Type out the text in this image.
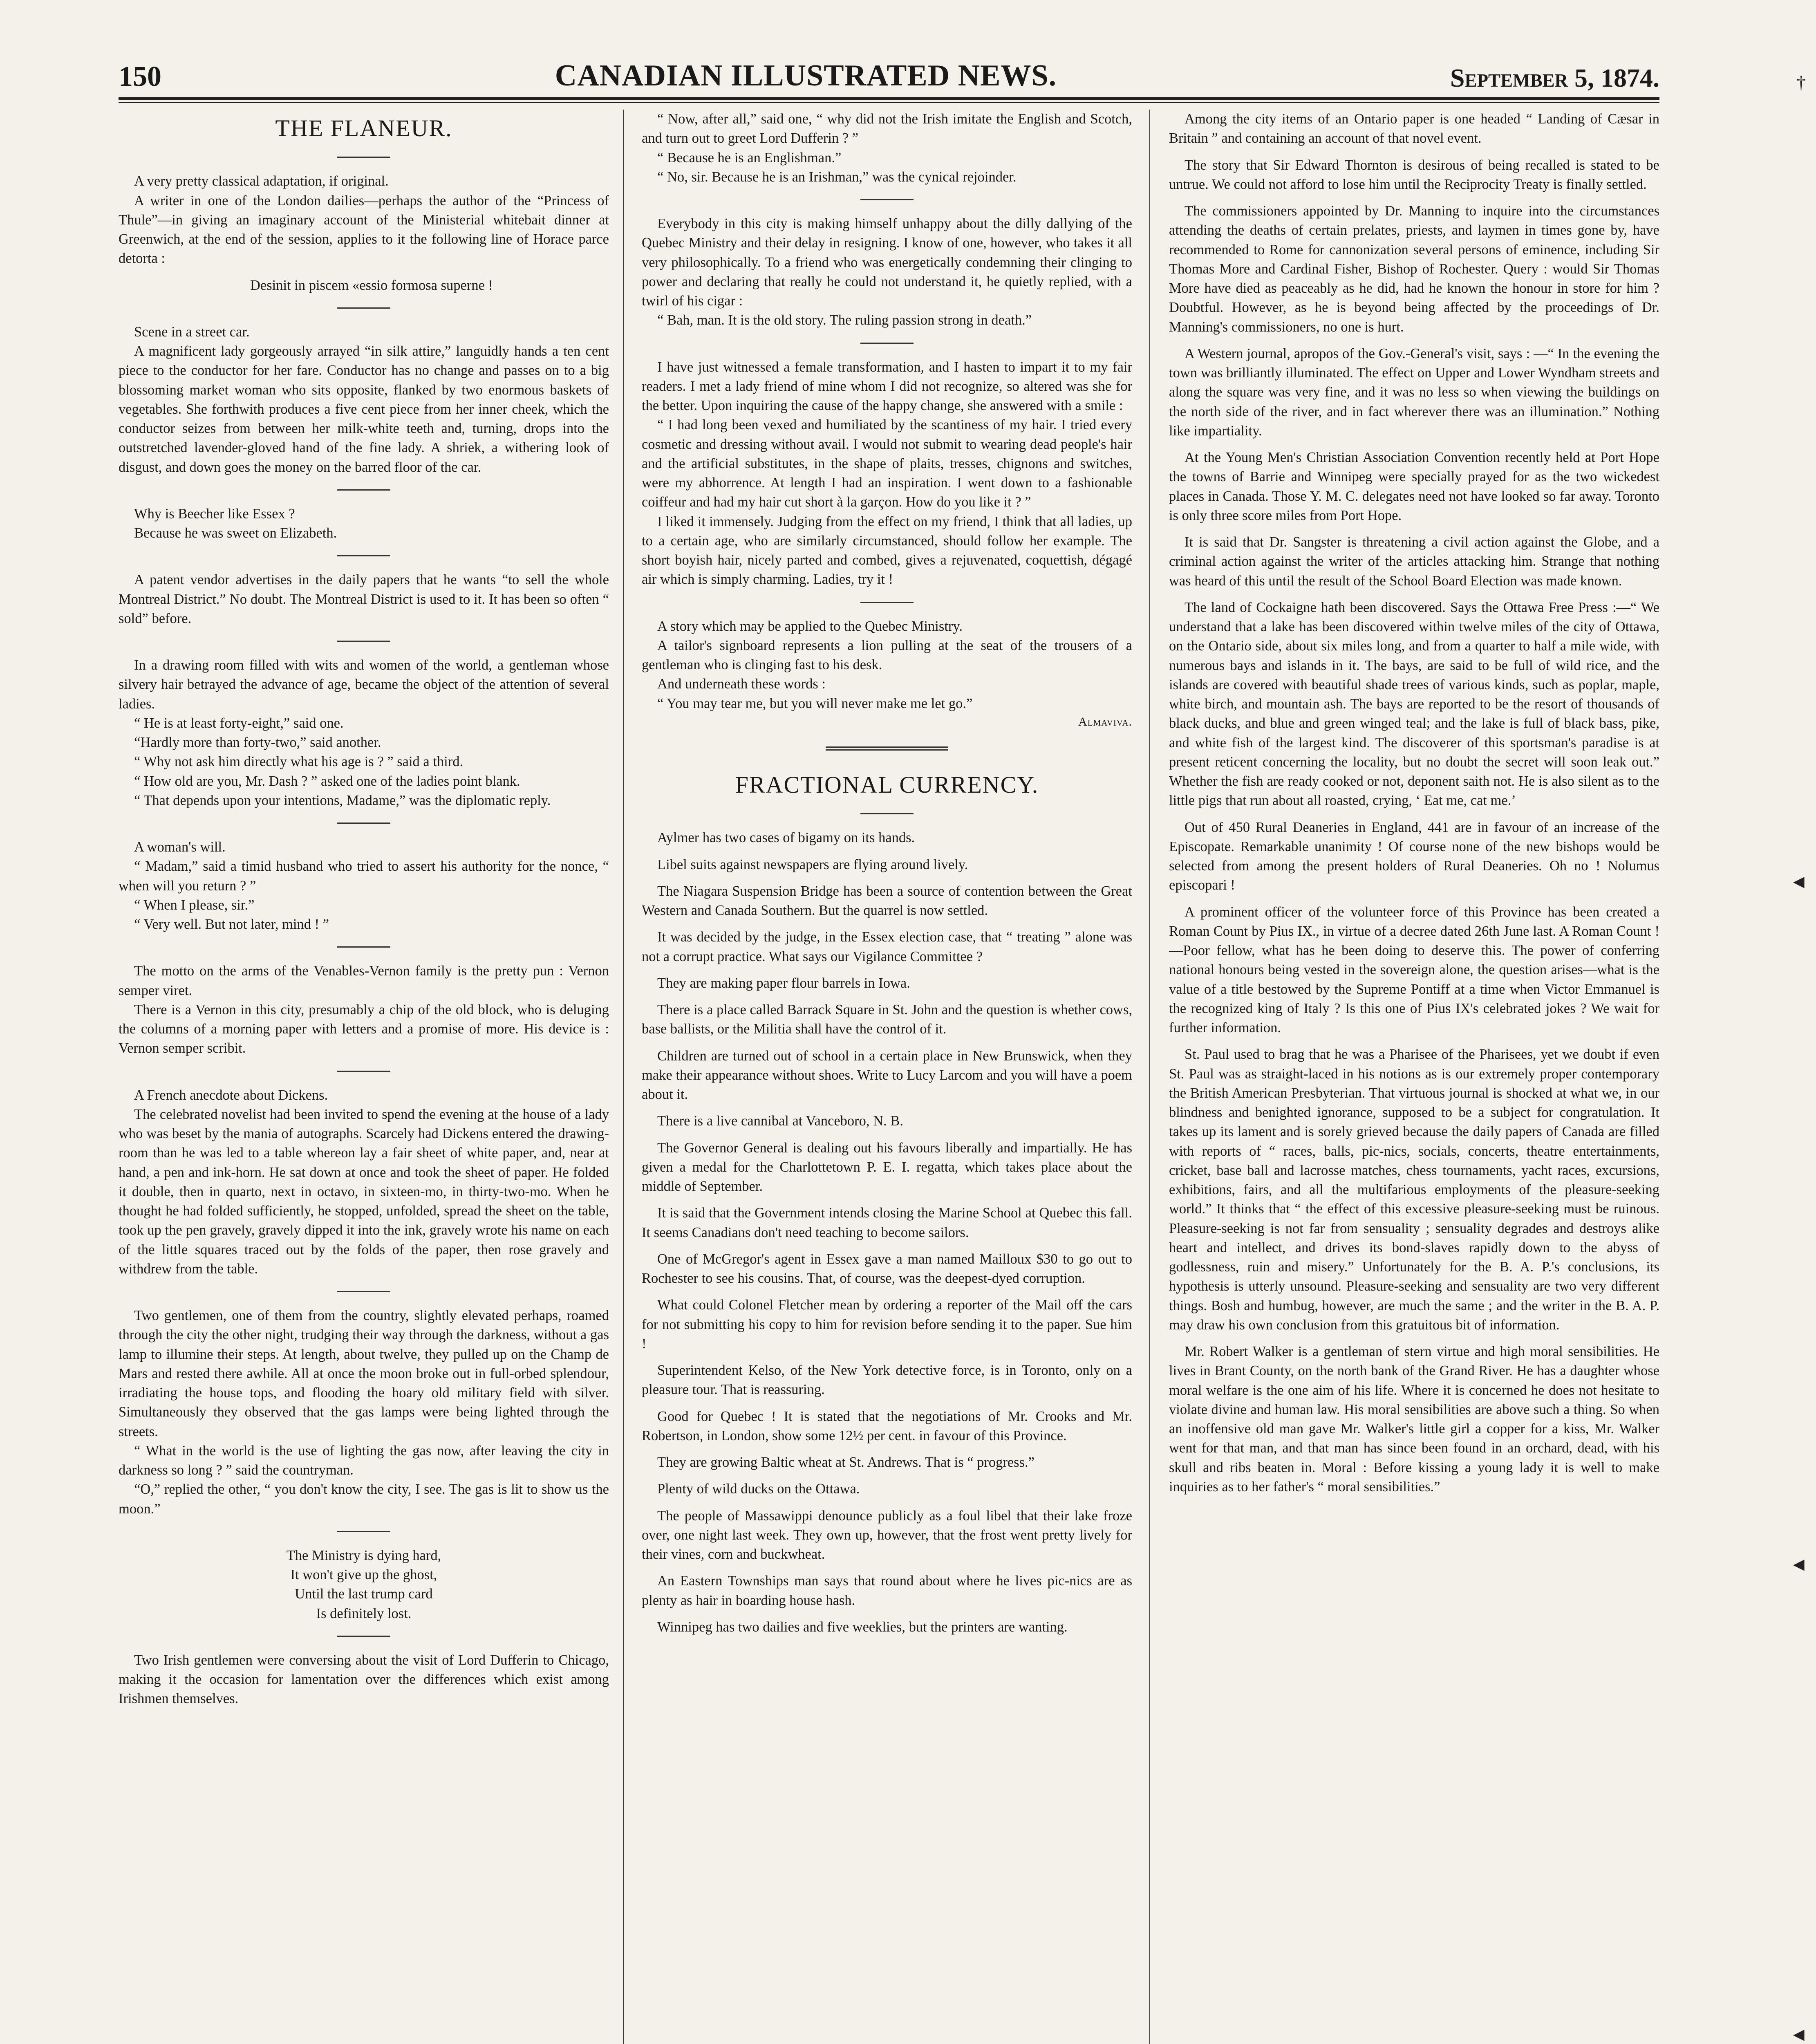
150	CANADIAN ILLUSTRATED NEWS.	September 5, 1874.
THE FLANEUR.

A very pretty classical adaptation, if original.

A writer in one of the London dailies—perhaps the author of the “Princess of Thule”—in giving an imaginary account of the Ministerial whitebait dinner at Greenwich, at the end of the session, applies to it the following line of Horace parce detorta :

Desinit in piscem «essio formosa superne !

Scene in a street car.

A magnificent lady gorgeously arrayed “in silk attire,” languidly hands a ten cent piece to the conductor for her fare. Conductor has no change and passes on to a big blossoming market woman who sits opposite, flanked by two enormous baskets of vegetables. She forthwith produces a five cent piece from her inner cheek, which the conductor seizes from between her milk-white teeth and, turning, drops into the outstretched lavender-gloved hand of the fine lady. A shriek, a withering look of disgust, and down goes the money on the barred floor of the car.

Why is Beecher like Essex ?

Because he was sweet on Elizabeth.

A patent vendor advertises in the daily papers that he wants “to sell the whole Montreal District.” No doubt. The Montreal District is used to it. It has been so often “ sold” before.

In a drawing room filled with wits and women of the world, a gentleman whose silvery hair betrayed the advance of age, became the object of the attention of several ladies.

“ He is at least forty-eight,” said one.

“Hardly more than forty-two,” said another.

“ Why not ask him directly what his age is ? ” said a third.

“ How old are you, Mr. Dash ? ” asked one of the ladies point blank.

“ That depends upon your intentions, Madame,” was the diplomatic reply.

A woman's will.

“ Madam,” said a timid husband who tried to assert his authority for the nonce, “ when will you return ? ”

“ When I please, sir.”

“ Very well. But not later, mind ! ”

The motto on the arms of the Venables-Vernon family is the pretty pun : Vernon semper viret.

There is a Vernon in this city, presumably a chip of the old block, who is deluging the columns of a morning paper with letters and a promise of more. His device is : Vernon semper scribit.

A French anecdote about Dickens.

The celebrated novelist had been invited to spend the evening at the house of a lady who was beset by the mania of autographs. Scarcely had Dickens entered the drawing-room than he was led to a table whereon lay a fair sheet of white paper, and, near at hand, a pen and ink-horn. He sat down at once and took the sheet of paper. He folded it double, then in quarto, next in octavo, in sixteen-mo, in thirty-two-mo. When he thought he had folded sufficiently, he stopped, unfolded, spread the sheet on the table, took up the pen gravely, gravely dipped it into the ink, gravely wrote his name on each of the little squares traced out by the folds of the paper, then rose gravely and withdrew from the table.

Two gentlemen, one of them from the country, slightly elevated perhaps, roamed through the city the other night, trudging their way through the darkness, without a gas lamp to illumine their steps. At length, about twelve, they pulled up on the Champ de Mars and rested there awhile. All at once the moon broke out in full-orbed splendour, irradiating the house tops, and flooding the hoary old military field with silver. Simultaneously they observed that the gas lamps were being lighted through the streets.

“ What in the world is the use of lighting the gas now, after leaving the city in darkness so long ? ” said the countryman.

“O,” replied the other, “ you don't know the city, I see. The gas is lit to show us the moon.”

The Ministry is dying hard,
It won't give up the ghost,
Until the last trump card
Is definitely lost.

Two Irish gentlemen were conversing about the visit of Lord Dufferin to Chicago, making it the occasion for lamentation over the differences which exist among Irishmen themselves.

“ Now, after all,” said one, “ why did not the Irish imitate the English and Scotch, and turn out to greet Lord Dufferin ? ”

“ Because he is an Englishman.”

“ No, sir. Because he is an Irishman,” was the cynical rejoinder.

Everybody in this city is making himself unhappy about the dilly dallying of the Quebec Ministry and their delay in resigning. I know of one, however, who takes it all very philosophically. To a friend who was energetically condemning their clinging to power and declaring that really he could not understand it, he quietly replied, with a twirl of his cigar :

“ Bah, man. It is the old story. The ruling passion strong in death.”

I have just witnessed a female transformation, and I hasten to impart it to my fair readers. I met a lady friend of mine whom I did not recognize, so altered was she for the better. Upon inquiring the cause of the happy change, she answered with a smile :

“ I had long been vexed and humiliated by the scantiness of my hair. I tried every cosmetic and dressing without avail. I would not submit to wearing dead people's hair and the artificial substitutes, in the shape of plaits, tresses, chignons and switches, were my abhorrence. At length I had an inspiration. I went down to a fashionable coiffeur and had my hair cut short à la garçon. How do you like it ? ”

I liked it immensely. Judging from the effect on my friend, I think that all ladies, up to a certain age, who are similarly circumstanced, should follow her example. The short boyish hair, nicely parted and combed, gives a rejuvenated, coquettish, dégagé air which is simply charming. Ladies, try it !

A story which may be applied to the Quebec Ministry.

A tailor's signboard represents a lion pulling at the seat of the trousers of a gentleman who is clinging fast to his desk.

And underneath these words :

“ You may tear me, but you will never make me let go.”

Almaviva.
FRACTIONAL CURRENCY.

Aylmer has two cases of bigamy on its hands.

Libel suits against newspapers are flying around lively.

The Niagara Suspension Bridge has been a source of contention between the Great Western and Canada Southern. But the quarrel is now settled.

It was decided by the judge, in the Essex election case, that “ treating ” alone was not a corrupt practice. What says our Vigilance Committee ?

They are making paper flour barrels in Iowa.

There is a place called Barrack Square in St. John and the question is whether cows, base ballists, or the Militia shall have the control of it.

Children are turned out of school in a certain place in New Brunswick, when they make their appearance without shoes. Write to Lucy Larcom and you will have a poem about it.

There is a live cannibal at Vanceboro, N. B.

The Governor General is dealing out his favours liberally and impartially. He has given a medal for the Charlottetown P. E. I. regatta, which takes place about the middle of September.

It is said that the Government intends closing the Marine School at Quebec this fall. It seems Canadians don't need teaching to become sailors.

One of McGregor's agent in Essex gave a man named Mailloux $30 to go out to Rochester to see his cousins. That, of course, was the deepest-dyed corruption.

What could Colonel Fletcher mean by ordering a reporter of the Mail off the cars for not submitting his copy to him for revision before sending it to the paper. Sue him !

Superintendent Kelso, of the New York detective force, is in Toronto, only on a pleasure tour. That is reassuring.

Good for Quebec ! It is stated that the negotiations of Mr. Crooks and Mr. Robertson, in London, show some 12½ per cent. in favour of this Province.

They are growing Baltic wheat at St. Andrews. That is “ progress.”

Plenty of wild ducks on the Ottawa.

The people of Massawippi denounce publicly as a foul libel that their lake froze over, one night last week. They own up, however, that the frost went pretty lively for their vines, corn and buckwheat.

An Eastern Townships man says that round about where he lives pic-nics are as plenty as hair in boarding house hash.

Winnipeg has two dailies and five weeklies, but the printers are wanting.

Among the city items of an Ontario paper is one headed “ Landing of Cæsar in Britain ” and containing an account of that novel event.

The story that Sir Edward Thornton is desirous of being recalled is stated to be untrue. We could not afford to lose him until the Reciprocity Treaty is finally settled.

The commissioners appointed by Dr. Manning to inquire into the circumstances attending the deaths of certain prelates, priests, and laymen in times gone by, have recommended to Rome for cannonization several persons of eminence, including Sir Thomas More and Cardinal Fisher, Bishop of Rochester. Query : would Sir Thomas More have died as peaceably as he did, had he known the honour in store for him ? Doubtful. However, as he is beyond being affected by the proceedings of Dr. Manning's commissioners, no one is hurt.

A Western journal, apropos of the Gov.-General's visit, says : —“ In the evening the town was brilliantly illuminated. The effect on Upper and Lower Wyndham streets and along the square was very fine, and it was no less so when viewing the buildings on the north side of the river, and in fact wherever there was an illumination.” Nothing like impartiality.

At the Young Men's Christian Association Convention recently held at Port Hope the towns of Barrie and Winnipeg were specially prayed for as the two wickedest places in Canada. Those Y. M. C. delegates need not have looked so far away. Toronto is only three score miles from Port Hope.

It is said that Dr. Sangster is threatening a civil action against the Globe, and a criminal action against the writer of the articles attacking him. Strange that nothing was heard of this until the result of the School Board Election was made known.

The land of Cockaigne hath been discovered. Says the Ottawa Free Press :—“ We understand that a lake has been discovered within twelve miles of the city of Ottawa, on the Ontario side, about six miles long, and from a quarter to half a mile wide, with numerous bays and islands in it. The bays, are said to be full of wild rice, and the islands are covered with beautiful shade trees of various kinds, such as poplar, maple, white birch, and mountain ash. The bays are reported to be the resort of thousands of black ducks, and blue and green winged teal; and the lake is full of black bass, pike, and white fish of the largest kind. The discoverer of this sportsman's paradise is at present reticent concerning the locality, but no doubt the secret will soon leak out.” Whether the fish are ready cooked or not, deponent saith not. He is also silent as to the little pigs that run about all roasted, crying, ‘ Eat me, cat me.’

Out of 450 Rural Deaneries in England, 441 are in favour of an increase of the Episcopate. Remarkable unanimity ! Of course none of the new bishops would be selected from among the present holders of Rural Deaneries. Oh no ! Nolumus episcopari !

A prominent officer of the volunteer force of this Province has been created a Roman Count by Pius IX., in virtue of a decree dated 26th June last. A Roman Count ! —Poor fellow, what has he been doing to deserve this. The power of conferring national honours being vested in the sovereign alone, the question arises—what is the value of a title bestowed by the Supreme Pontiff at a time when Victor Emmanuel is the recognized king of Italy ? Is this one of Pius IX's celebrated jokes ? We wait for further information.

St. Paul used to brag that he was a Pharisee of the Pharisees, yet we doubt if even St. Paul was as straight-laced in his notions as is our extremely proper contemporary the British American Presbyterian. That virtuous journal is shocked at what we, in our blindness and benighted ignorance, supposed to be a subject for congratulation. It takes up its lament and is sorely grieved because the daily papers of Canada are filled with reports of “ races, balls, pic-nics, socials, concerts, theatre entertainments, cricket, base ball and lacrosse matches, chess tournaments, yacht races, excursions, exhibitions, fairs, and all the multifarious employments of the pleasure-seeking world.” It thinks that “ the effect of this excessive pleasure-seeking must be ruinous. Pleasure-seeking is not far from sensuality ; sensuality degrades and destroys alike heart and intellect, and drives its bond-slaves rapidly down to the abyss of godlessness, ruin and misery.” Unfortunately for the B. A. P.'s conclusions, its hypothesis is utterly unsound. Pleasure-seeking and sensuality are two very different things. Bosh and humbug, however, are much the same ; and the writer in the B. A. P. may draw his own conclusion from this gratuitous bit of information.

Mr. Robert Walker is a gentleman of stern virtue and high moral sensibilities. He lives in Brant County, on the north bank of the Grand River. He has a daughter whose moral welfare is the one aim of his life. Where it is concerned he does not hesitate to violate divine and human law. His moral sensibilities are above such a thing. So when an inoffensive old man gave Mr. Walker's little girl a copper for a kiss, Mr. Walker went for that man, and that man has since been found in an orchard, dead, with his skull and ribs beaten in. Moral : Before kissing a young lady it is well to make inquiries as to her father's “ moral sensibilities.”

†
◄
◄
◄
